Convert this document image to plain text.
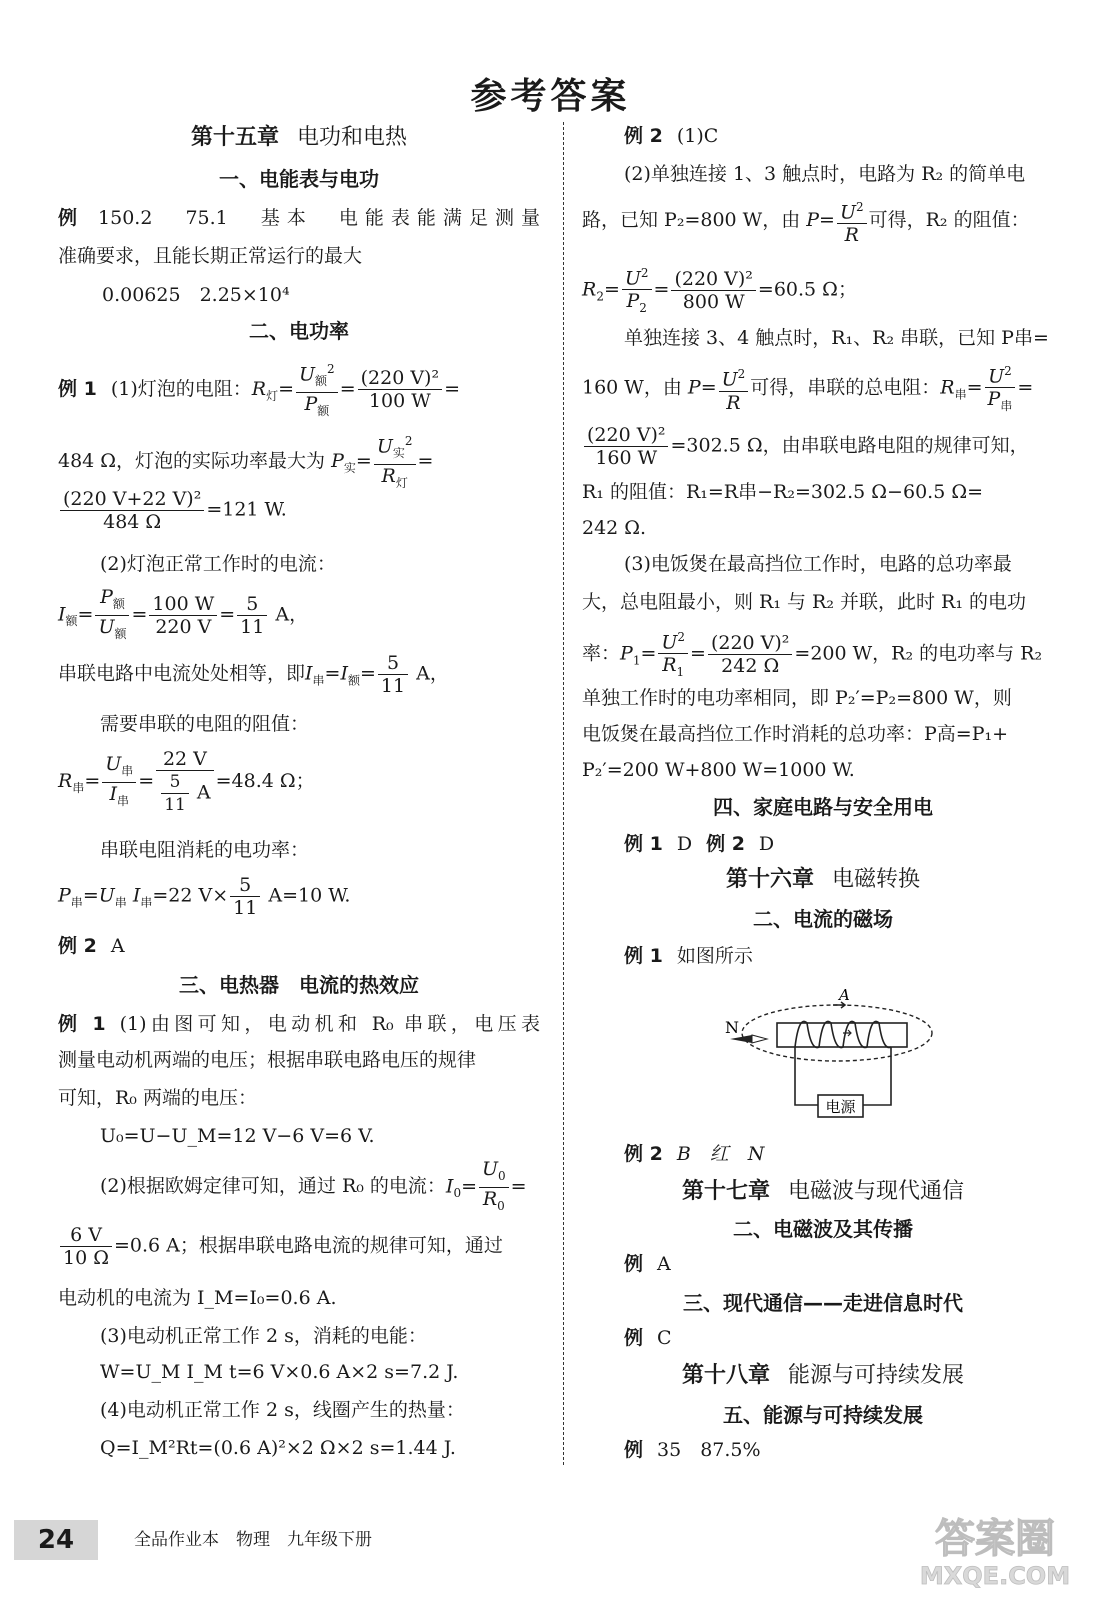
参考答案
第十五章 电功和电热
一、电能表与电功
例 150.2　75.1　基本　电能表能满足测量
准确要求，且能长期正常运行的最大
0.00625　2.25×10⁴
二、电功率
例 1 (1)灯泡的电阻：$R_灯= \frac{U_额^2}{P_额} = \frac{\text{(220 V)²}}{100 W}$ =
484 Ω，灯泡的实际功率最大为 $P_实= \frac{U_实^2}{R_灯}$ =
$\frac{\text{(220 V+22 V)²}}{484 \Omega} =121$ W.
(2)灯泡正常工作时的电流：
$I_额= \frac{P_额}{U_额} = \frac{100 W}{220 V} = \frac{5}{11}$ A，
串联电路中电流处处相等，即$I_串=I_额= \frac{5}{11}$ A，
需要串联的电阻的阻值：
$R_串= \frac{U_串}{I_串} = \frac{22 V}{\frac{5}{11} A} =48.4$ Ω；
串联电阻消耗的电功率：
$P_串=U_串$ $I_串=22$ $V\times \frac{5}{11} A=10$ W.
例 2 A
三、电热器　电流的热效应
例 1 (1)由图可知，电动机和 R₀ 串联，电压表
测量电动机两端的电压；根据串联电路电压的规律
可知，R₀ 两端的电压：
U₀=U−U_M=12 V−6 V=6 V.
(2)根据欧姆定律可知，通过 R₀ 的电流：$I_0= \frac{U_0}{R_0}$ =
$\frac{6 V}{10 \Omega} =0.6$ A；根据串联电路电流的规律可知，通过
电动机的电流为 I_M=I₀=0.6 A.
(3)电动机正常工作 2 s，消耗的电能：
W=U_M I_M t=6 V×0.6 A×2 s=7.2 J.
(4)电动机正常工作 2 s，线圈产生的热量：
Q=I_M²Rt=(0.6 A)²×2 Ω×2 s=1.44 J.
例 2 (1)C
(2)单独连接 1、3 触点时，电路为 R₂ 的简单电
路，已知 P₂=800 W，由 $P= \frac{U^2}{R}$ 可得，R₂ 的阻值：
$R_2= \frac{U^2}{P_2} = \frac{\text{(220 V)²}}{800 W} =60.5$ Ω；
单独连接 3、4 触点时，R₁、R₂ 串联，已知 P串=
160 W，由 $P= \frac{U^2}{R}$ 可得，串联的总电阻：$R_串= \frac{U^2}{P_串}$ =
$\frac{\text{(220 V)²}}{160 W} =302.5$ Ω，由串联电路电阻的规律可知，
R₁ 的阻值：R₁=R串−R₂=302.5 Ω−60.5 Ω=
242 Ω.
(3)电饭煲在最高挡位工作时，电路的总功率最
大，总电阻最小，则 R₁ 与 R₂ 并联，此时 R₁ 的电功
率：$P_1= \frac{U^2}{R_1} = \frac{\text{(220 V)²}}{242 \Omega} =200$ W，R₂ 的电功率与 R₂
单独工作时的电功率相同，即 P₂′=P₂=800 W，则
电饭煲在最高挡位工作时消耗的总功率：P高=P₁+
P₂′=200 W+800 W=1000 W.
四、家庭电路与安全用电
例 1 D 例 2 D
第十六章 电磁转换
二、电流的磁场
例 1 如图所示
例 2 B　红　N
第十七章 电磁波与现代通信
二、电磁波及其传播
例 A
三、现代通信——走进信息时代
例 C
第十八章 能源与可持续发展
五、能源与可持续发展
例 35　87.5%
电源
N
A
24	全品作业本　物理　九年级下册	答案圈
MXQE.COM
